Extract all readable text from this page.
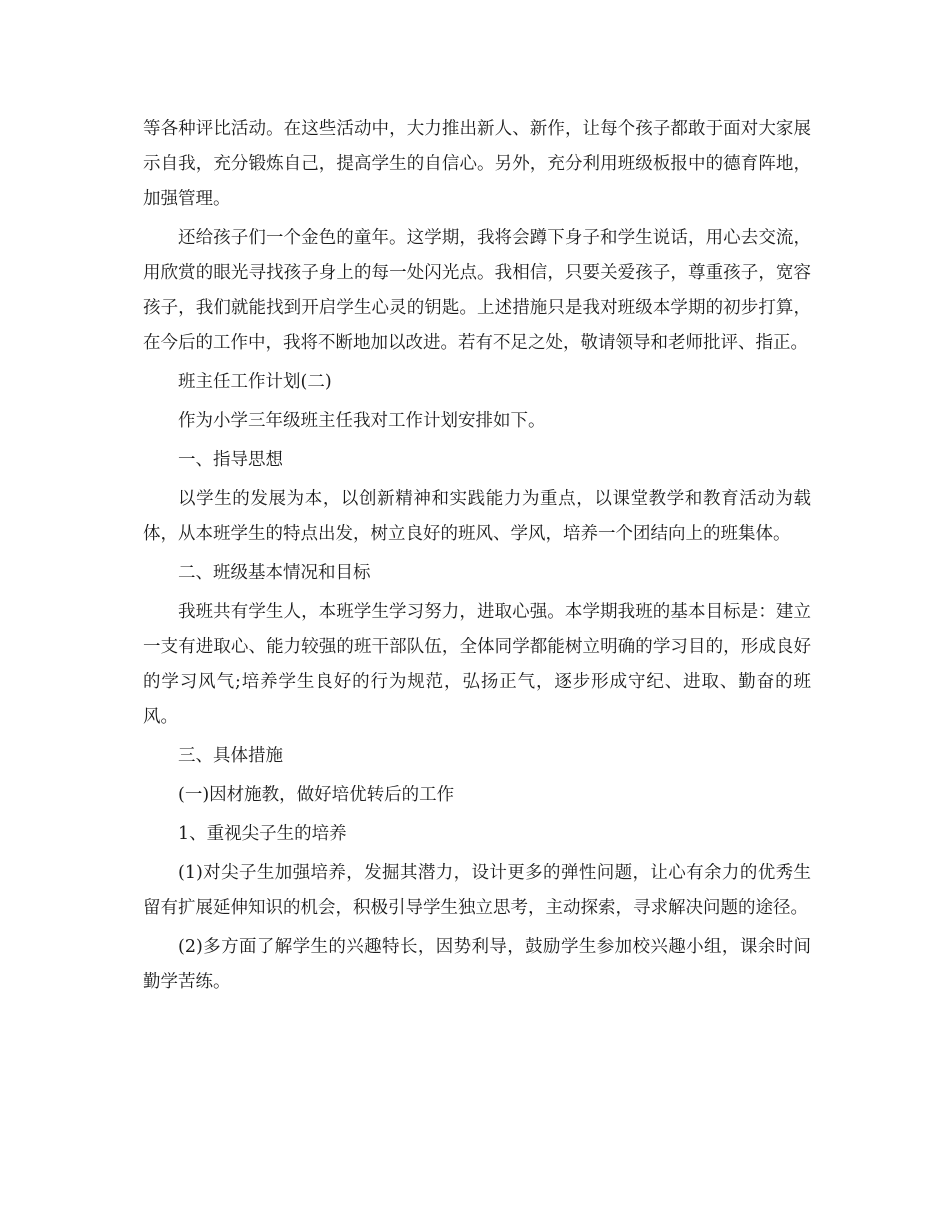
等各种评比活动。在这些活动中，大力推出新人、新作，让每个孩子都敢于面对大家展示自我，充分锻炼自己，提高学生的自信心。另外，充分利用班级板报中的德育阵地，加强管理。

还给孩子们一个金色的童年。这学期，我将会蹲下身子和学生说话，用心去交流，用欣赏的眼光寻找孩子身上的每一处闪光点。我相信，只要关爱孩子，尊重孩子，宽容孩子，我们就能找到开启学生心灵的钥匙。上述措施只是我对班级本学期的初步打算，在今后的工作中，我将不断地加以改进。若有不足之处，敬请领导和老师批评、指正。

班主任工作计划(二)

作为小学三年级班主任我对工作计划安排如下。

一、指导思想

以学生的发展为本，以创新精神和实践能力为重点，以课堂教学和教育活动为载体，从本班学生的特点出发，树立良好的班风、学风，培养一个团结向上的班集体。

二、班级基本情况和目标

我班共有学生人，本班学生学习努力，进取心强。本学期我班的基本目标是：建立一支有进取心、能力较强的班干部队伍，全体同学都能树立明确的学习目的，形成良好的学习风气;培养学生良好的行为规范，弘扬正气，逐步形成守纪、进取、勤奋的班风。

三、具体措施

(一)因材施教，做好培优转后的工作

1、重视尖子生的培养

(1)对尖子生加强培养，发掘其潜力，设计更多的弹性问题，让心有余力的优秀生留有扩展延伸知识的机会，积极引导学生独立思考，主动探索，寻求解决问题的途径。

(2)多方面了解学生的兴趣特长，因势利导，鼓励学生参加校兴趣小组，课余时间勤学苦练。
